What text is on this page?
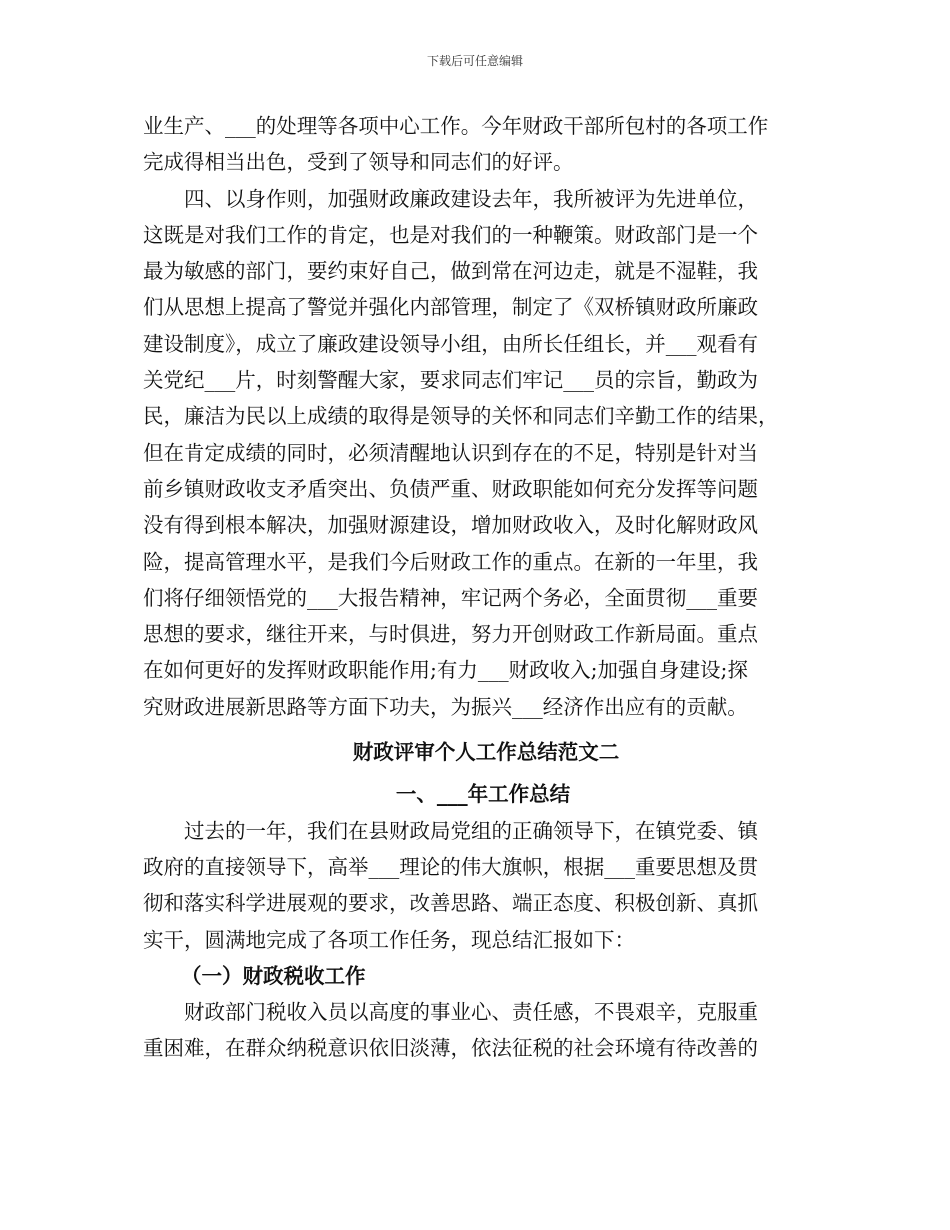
下载后可任意编辑
业生产、___的处理等各项中心工作。今年财政干部所包村的各项工作
完成得相当出色，受到了领导和同志们的好评。
四、以身作则，加强财政廉政建设去年，我所被评为先进单位，
这既是对我们工作的肯定，也是对我们的一种鞭策。财政部门是一个
最为敏感的部门，要约束好自己，做到常在河边走，就是不湿鞋，我
们从思想上提高了警觉并强化内部管理，制定了《双桥镇财政所廉政
建设制度》，成立了廉政建设领导小组，由所长任组长，并___观看有
关党纪___片，时刻警醒大家，要求同志们牢记___员的宗旨，勤政为
民，廉洁为民以上成绩的取得是领导的关怀和同志们辛勤工作的结果，
但在肯定成绩的同时，必须清醒地认识到存在的不足，特别是针对当
前乡镇财政收支矛盾突出、负债严重、财政职能如何充分发挥等问题
没有得到根本解决，加强财源建设，增加财政收入，及时化解财政风
险，提高管理水平，是我们今后财政工作的重点。在新的一年里，我
们将仔细领悟党的___大报告精神，牢记两个务必，全面贯彻___重要
思想的要求，继往开来，与时俱进，努力开创财政工作新局面。重点
在如何更好的发挥财政职能作用;有力___财政收入;加强自身建设;探
究财政进展新思路等方面下功夫，为振兴___经济作出应有的贡献。
财政评审个人工作总结范文二
一、___年工作总结
过去的一年，我们在县财政局党组的正确领导下，在镇党委、镇
政府的直接领导下，高举___理论的伟大旗帜，根据___重要思想及贯
彻和落实科学进展观的要求，改善思路、端正态度、积极创新、真抓
实干，圆满地完成了各项工作任务，现总结汇报如下：
（一）财政税收工作
财政部门税收入员以高度的事业心、责任感，不畏艰辛，克服重
重困难，在群众纳税意识依旧淡薄，依法征税的社会环境有待改善的
